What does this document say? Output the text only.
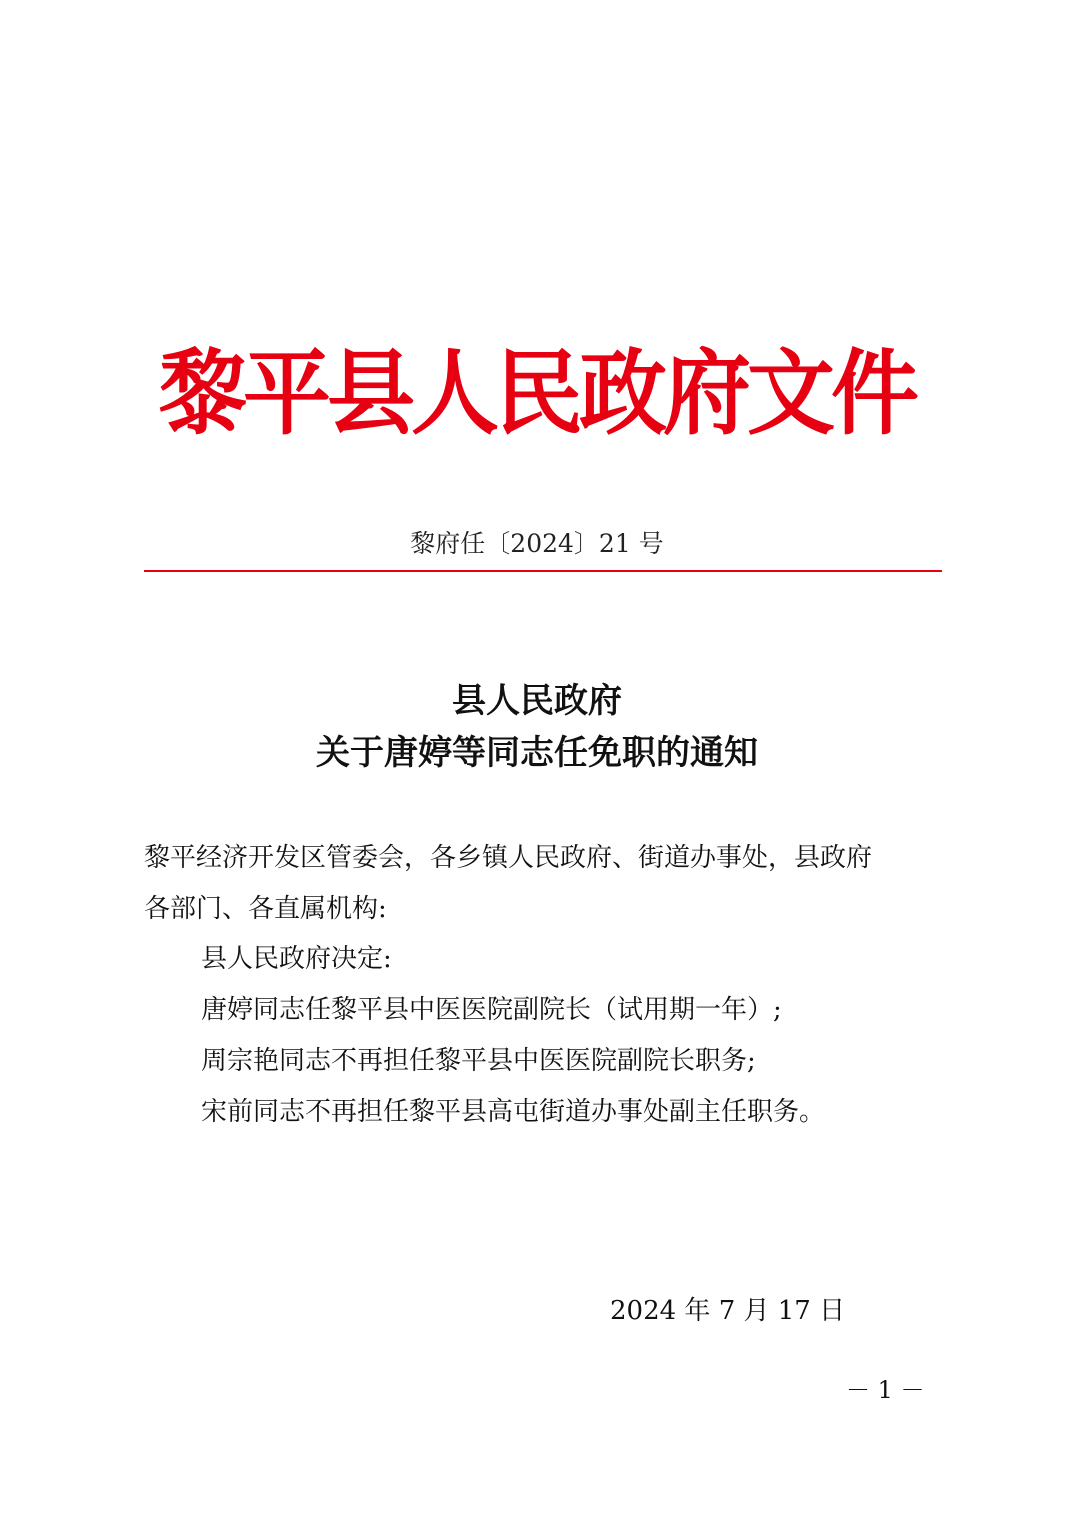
黎平县人民政府文件
黎府任〔2024〕21 号
县人民政府
关于唐婷等同志任免职的通知
黎平经济开发区管委会，各乡镇人民政府、街道办事处，县政府
各部门、各直属机构:
县人民政府决定:
唐婷同志任黎平县中医医院副院长（试用期一年）;
周宗艳同志不再担任黎平县中医医院副院长职务;
宋前同志不再担任黎平县高屯街道办事处副主任职务。
2024 年 7 月 17 日
－ 1 －
